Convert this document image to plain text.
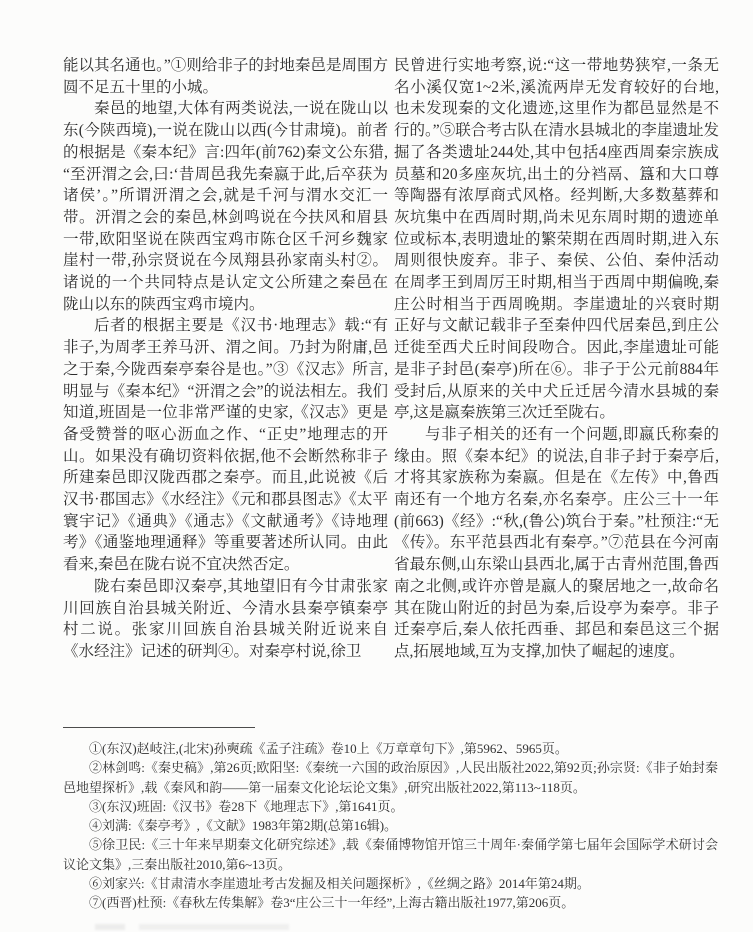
能以其名通也。”①则给非子的封地秦邑是周围方圆不足五十里的小城。

秦邑的地望,大体有两类说法,一说在陇山以东(今陕西境),一说在陇山以西(今甘肃境)。前者的根据是《秦本纪》言:四年(前762)秦文公东猎,“至汧渭之会,曰:‘昔周邑我先秦嬴于此,后卒获为诸侯’。”所谓汧渭之会,就是千河与渭水交汇一带。汧渭之会的秦邑,林剑鸣说在今扶风和眉县一带,欧阳坚说在陕西宝鸡市陈仓区千河乡魏家崖村一带,孙宗贤说在今凤翔县孙家南头村②。诸说的一个共同特点是认定文公所建之秦邑在陇山以东的陕西宝鸡市境内。

后者的根据主要是《汉书·地理志》载:“有非子,为周孝王养马汧、渭之间。乃封为附庸,邑之于秦,今陇西秦亭秦谷是也。”③《汉志》所言,明显与《秦本纪》“汧渭之会”的说法相左。我们知道,班固是一位非常严谨的史家,《汉志》更是备受赞誉的呕心沥血之作、“正史”地理志的开山。如果没有确切资料依据,他不会断然称非子所建秦邑即汉陇西郡之秦亭。而且,此说被《后汉书·郡国志》《水经注》《元和郡县图志》《太平寰宇记》《通典》《通志》《文献通考》《诗地理考》《通鉴地理通释》等重要著述所认同。由此看来,秦邑在陇右说不宜决然否定。

陇右秦邑即汉秦亭,其地望旧有今甘肃张家川回族自治县城关附近、今清水县秦亭镇秦亭村二说。张家川回族自治县城关附近说来自《水经注》记述的研判④。对秦亭村说,徐卫

民曾进行实地考察,说:“这一带地势狭窄,一条无名小溪仅宽1~2米,溪流两岸无发育较好的台地,也未发现秦的文化遗迹,这里作为都邑显然是不行的。”⑤联合考古队在清水县城北的李崖遗址发掘了各类遗址244处,其中包括4座西周秦宗族成员墓和20多座灰坑,出土的分裆鬲、簋和大口尊等陶器有浓厚商式风格。经判断,大多数墓葬和灰坑集中在西周时期,尚未见东周时期的遗迹单位或标本,表明遗址的繁荣期在西周时期,进入东周则很快废弃。非子、秦侯、公伯、秦仲活动在周孝王到周厉王时期,相当于西周中期偏晚,秦庄公时相当于西周晚期。李崖遗址的兴衰时期正好与文献记载非子至秦仲四代居秦邑,到庄公迁徙至西犬丘时间段吻合。因此,李崖遗址可能是非子封邑(秦亭)所在⑥。非子于公元前884年受封后,从原来的关中犬丘迁居今清水县城的秦亭,这是嬴秦族第三次迁至陇右。

与非子相关的还有一个问题,即嬴氏称秦的缘由。照《秦本纪》的说法,自非子封于秦亭后,才将其家族称为秦嬴。但是在《左传》中,鲁西南还有一个地方名秦,亦名秦亭。庄公三十一年(前663)《经》:“秋,(鲁公)筑台于秦。”杜预注:“无《传》。东平范县西北有秦亭。”⑦范县在今河南省最东侧,山东梁山县西北,属于古青州范围,鲁西南之北侧,或许亦曾是嬴人的聚居地之一,故命名其在陇山附近的封邑为秦,后设亭为秦亭。非子迁秦亭后,秦人依托西垂、邽邑和秦邑这三个据点,拓展地域,互为支撑,加快了崛起的速度。

①(东汉)赵岐注,(北宋)孙奭疏《孟子注疏》卷10上《万章章句下》,第5962、5965页。

②林剑鸣:《秦史稿》,第26页;欧阳坚:《秦统一六国的政治原因》,人民出版社2022,第92页;孙宗贤:《非子始封秦邑地望探析》,载《秦风和韵——第一届秦文化论坛论文集》,研究出版社2022,第113~118页。

③(东汉)班固:《汉书》卷28下《地理志下》,第1641页。

④刘满:《秦亭考》,《文献》1983年第2期(总第16辑)。

⑤徐卫民:《三十年来早期秦文化研究综述》,载《秦俑博物馆开馆三十周年·秦俑学第七届年会国际学术研讨会议论文集》,三秦出版社2010,第6~13页。

⑥刘家兴:《甘肃清水李崖遗址考古发掘及相关问题探析》,《丝绸之路》2014年第24期。

⑦(西晋)杜预:《春秋左传集解》卷3“庄公三十一年经”,上海古籍出版社1977,第206页。
